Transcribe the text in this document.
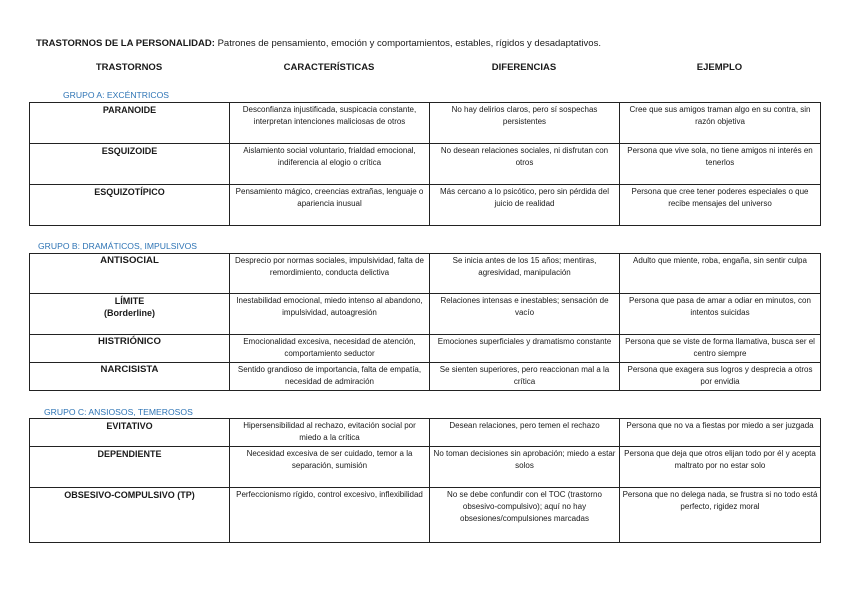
TRASTORNOS DE LA PERSONALIDAD: Patrones de pensamiento, emoción y comportamientos, estables, rígidos y desadaptativos.
TRASTORNOS	CARACTERÍSTICAS	DIFERENCIAS	EJEMPLO
GRUPO A: EXCÉNTRICOS
PARANOIDE	Desconfianza injustificada, suspicacia constante, interpretan intenciones maliciosas de otros	No hay delirios claros, pero sí sospechas persistentes	Cree que sus amigos traman algo en su contra, sin razón objetiva
ESQUIZOIDE	Aislamiento social voluntario, frialdad emocional, indiferencia al elogio o crítica	No desean relaciones sociales, ni disfrutan con otros	Persona que vive sola, no tiene amigos ni interés en tenerlos
ESQUIZOTÍPICO	Pensamiento mágico, creencias extrañas, lenguaje o apariencia inusual	Más cercano a lo psicótico, pero sin pérdida del juicio de realidad	Persona que cree tener poderes especiales o que recibe mensajes del universo
GRUPO B: DRAMÁTICOS, IMPULSIVOS
ANTISOCIAL	Desprecio por normas sociales, impulsividad, falta de remordimiento, conducta delictiva	Se inicia antes de los 15 años; mentiras, agresividad, manipulación	Adulto que miente, roba, engaña, sin sentir culpa

LÍMITE
(Borderline)	Inestabilidad emocional, miedo intenso al abandono, impulsividad, autoagresión	Relaciones intensas e inestables; sensación de vacío	Persona que pasa de amar a odiar en minutos, con intentos suicidas
HISTRIÓNICO	Emocionalidad excesiva, necesidad de atención, comportamiento seductor	Emociones superficiales y dramatismo constante	Persona que se viste de forma llamativa, busca ser el centro siempre
NARCISISTA	Sentido grandioso de importancia, falta de empatía, necesidad de admiración	Se sienten superiores, pero reaccionan mal a la crítica	Persona que exagera sus logros y desprecia a otros por envidia
GRUPO C: ANSIOSOS, TEMEROSOS
EVITATIVO	Hipersensibilidad al rechazo, evitación social por miedo a la crítica	Desean relaciones, pero temen el rechazo	Persona que no va a fiestas por miedo a ser juzgada
DEPENDIENTE	Necesidad excesiva de ser cuidado, temor a la separación, sumisión	No toman decisiones sin aprobación; miedo a estar solos	Persona que deja que otros elijan todo por él y acepta maltrato por no estar solo
OBSESIVO-COMPULSIVO (TP)	Perfeccionismo rígido, control excesivo, inflexibilidad	No se debe confundir con el TOC (trastorno obsesivo-compulsivo); aquí no hay obsesiones/compulsiones marcadas	Persona que no delega nada, se frustra si no todo está perfecto, rigidez moral
